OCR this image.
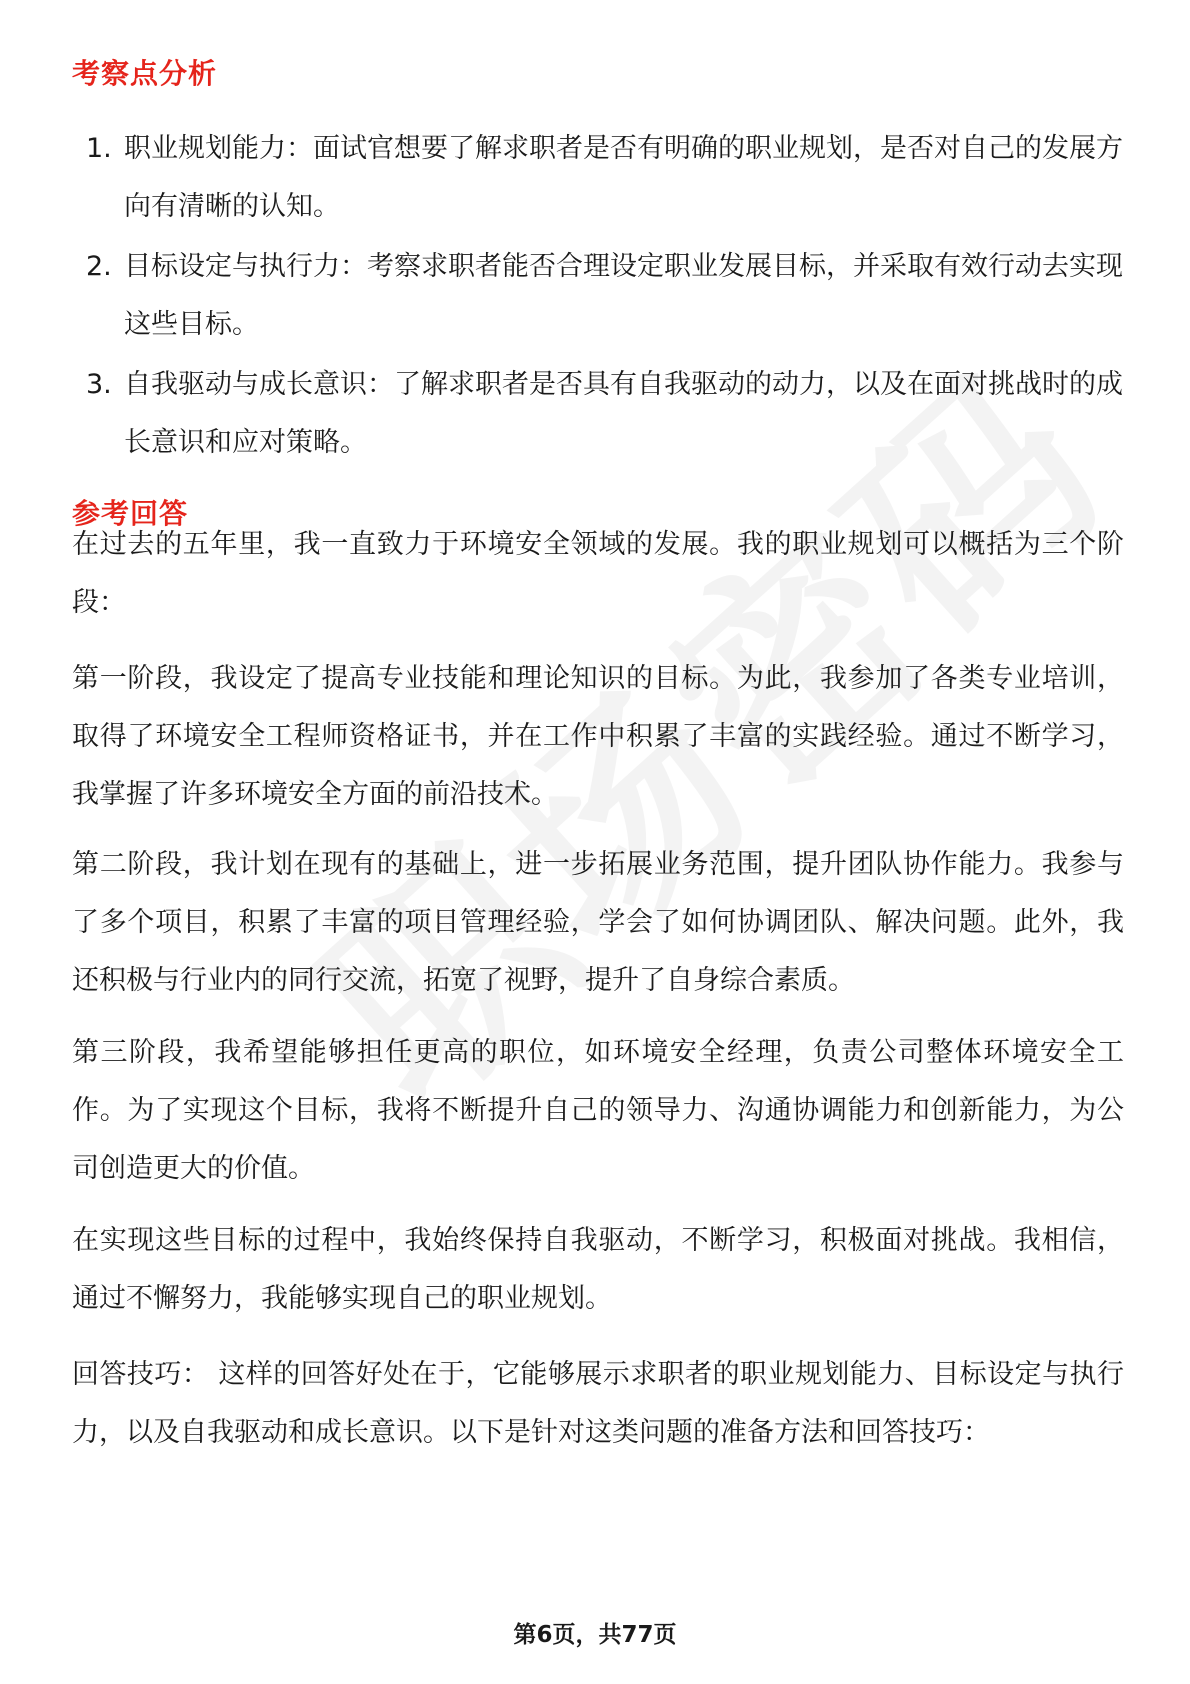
考察点分析
1. 职业规划能力：面试官想要了解求职者是否有明确的职业规划，是否对自己的发展方向有清晰的认知。
2. 目标设定与执行力：考察求职者能否合理设定职业发展目标，并采取有效行动去实现这些目标。
3. 自我驱动与成长意识：了解求职者是否具有自我驱动的动力，以及在面对挑战时的成长意识和应对策略。
参考回答

在过去的五年里，我一直致力于环境安全领域的发展。我的职业规划可以概括为三个阶段：

第一阶段，我设定了提高专业技能和理论知识的目标。为此，我参加了各类专业培训，取得了环境安全工程师资格证书，并在工作中积累了丰富的实践经验。通过不断学习，我掌握了许多环境安全方面的前沿技术。

第二阶段，我计划在现有的基础上，进一步拓展业务范围，提升团队协作能力。我参与了多个项目，积累了丰富的项目管理经验，学会了如何协调团队、解决问题。此外，我还积极与行业内的同行交流，拓宽了视野，提升了自身综合素质。

第三阶段，我希望能够担任更高的职位，如环境安全经理，负责公司整体环境安全工作。为了实现这个目标，我将不断提升自己的领导力、沟通协调能力和创新能力，为公司创造更大的价值。

在实现这些目标的过程中，我始终保持自我驱动，不断学习，积极面对挑战。我相信，通过不懈努力，我能够实现自己的职业规划。

回答技巧： 这样的回答好处在于，它能够展示求职者的职业规划能力、目标设定与执行力，以及自我驱动和成长意识。以下是针对这类问题的准备方法和回答技巧：

第6页，共77页
